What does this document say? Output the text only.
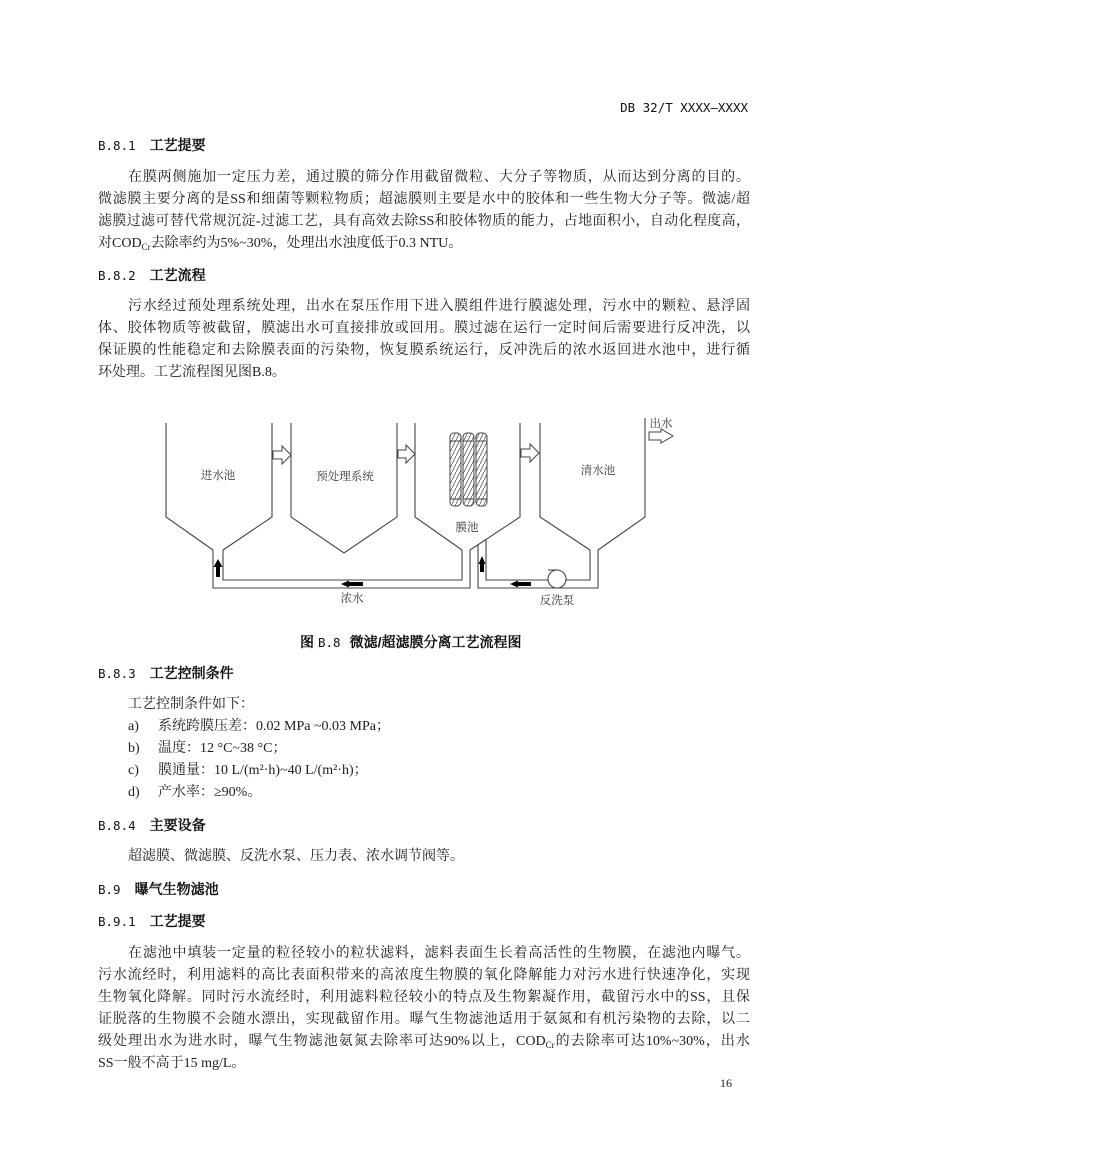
DB 32/T XXXX—XXXX
B.8.1 工艺提要
在膜两侧施加一定压力差，通过膜的筛分作用截留微粒、大分子等物质，从而达到分离的目的。
微滤膜主要分离的是SS和细菌等颗粒物质；超滤膜则主要是水中的胶体和一些生物大分子等。微滤/超
滤膜过滤可替代常规沉淀-过滤工艺，具有高效去除SS和胶体物质的能力，占地面积小，自动化程度高，
对$COD_{Cr}$去除率约为5%~30%，处理出水浊度低于0.3 NTU。
B.8.2 工艺流程
污水经过预处理系统处理，出水在泵压作用下进入膜组件进行膜滤处理，污水中的颗粒、悬浮固
体、胶体物质等被截留，膜滤出水可直接排放或回用。膜过滤在运行一定时间后需要进行反冲洗，以
保证膜的性能稳定和去除膜表面的污染物，恢复膜系统运行，反冲洗后的浓水返回进水池中，进行循
环处理。工艺流程图见图B.8。
进水池	预处理系统
膜池
清水池
出水
浓水	反洗泵
图 B.8 微滤/超滤膜分离工艺流程图
B.8.3 工艺控制条件
工艺控制条件如下：
a) 系统跨膜压差：0.02 MPa ~0.03 MPa；
b) 温度：12 °C~38 °C；
c) 膜通量：10 L/(m²·h)~40 L/(m²·h)；
d) 产水率：≥90%。
B.8.4 主要设备
超滤膜、微滤膜、反洗水泵、压力表、浓水调节阀等。
B.9 曝气生物滤池
B.9.1 工艺提要
在滤池中填装一定量的粒径较小的粒状滤料，滤料表面生长着高活性的生物膜，在滤池内曝气。
污水流经时，利用滤料的高比表面积带来的高浓度生物膜的氧化降解能力对污水进行快速净化，实现
生物氧化降解。同时污水流经时，利用滤料粒径较小的特点及生物絮凝作用，截留污水中的SS，且保
证脱落的生物膜不会随水漂出，实现截留作用。曝气生物滤池适用于氨氮和有机污染物的去除，以二
级处理出水为进水时，曝气生物滤池氨氮去除率可达90%以上，$COD_{Cr}$的去除率可达10%~30%，出水
SS一般不高于15 mg/L。
16
